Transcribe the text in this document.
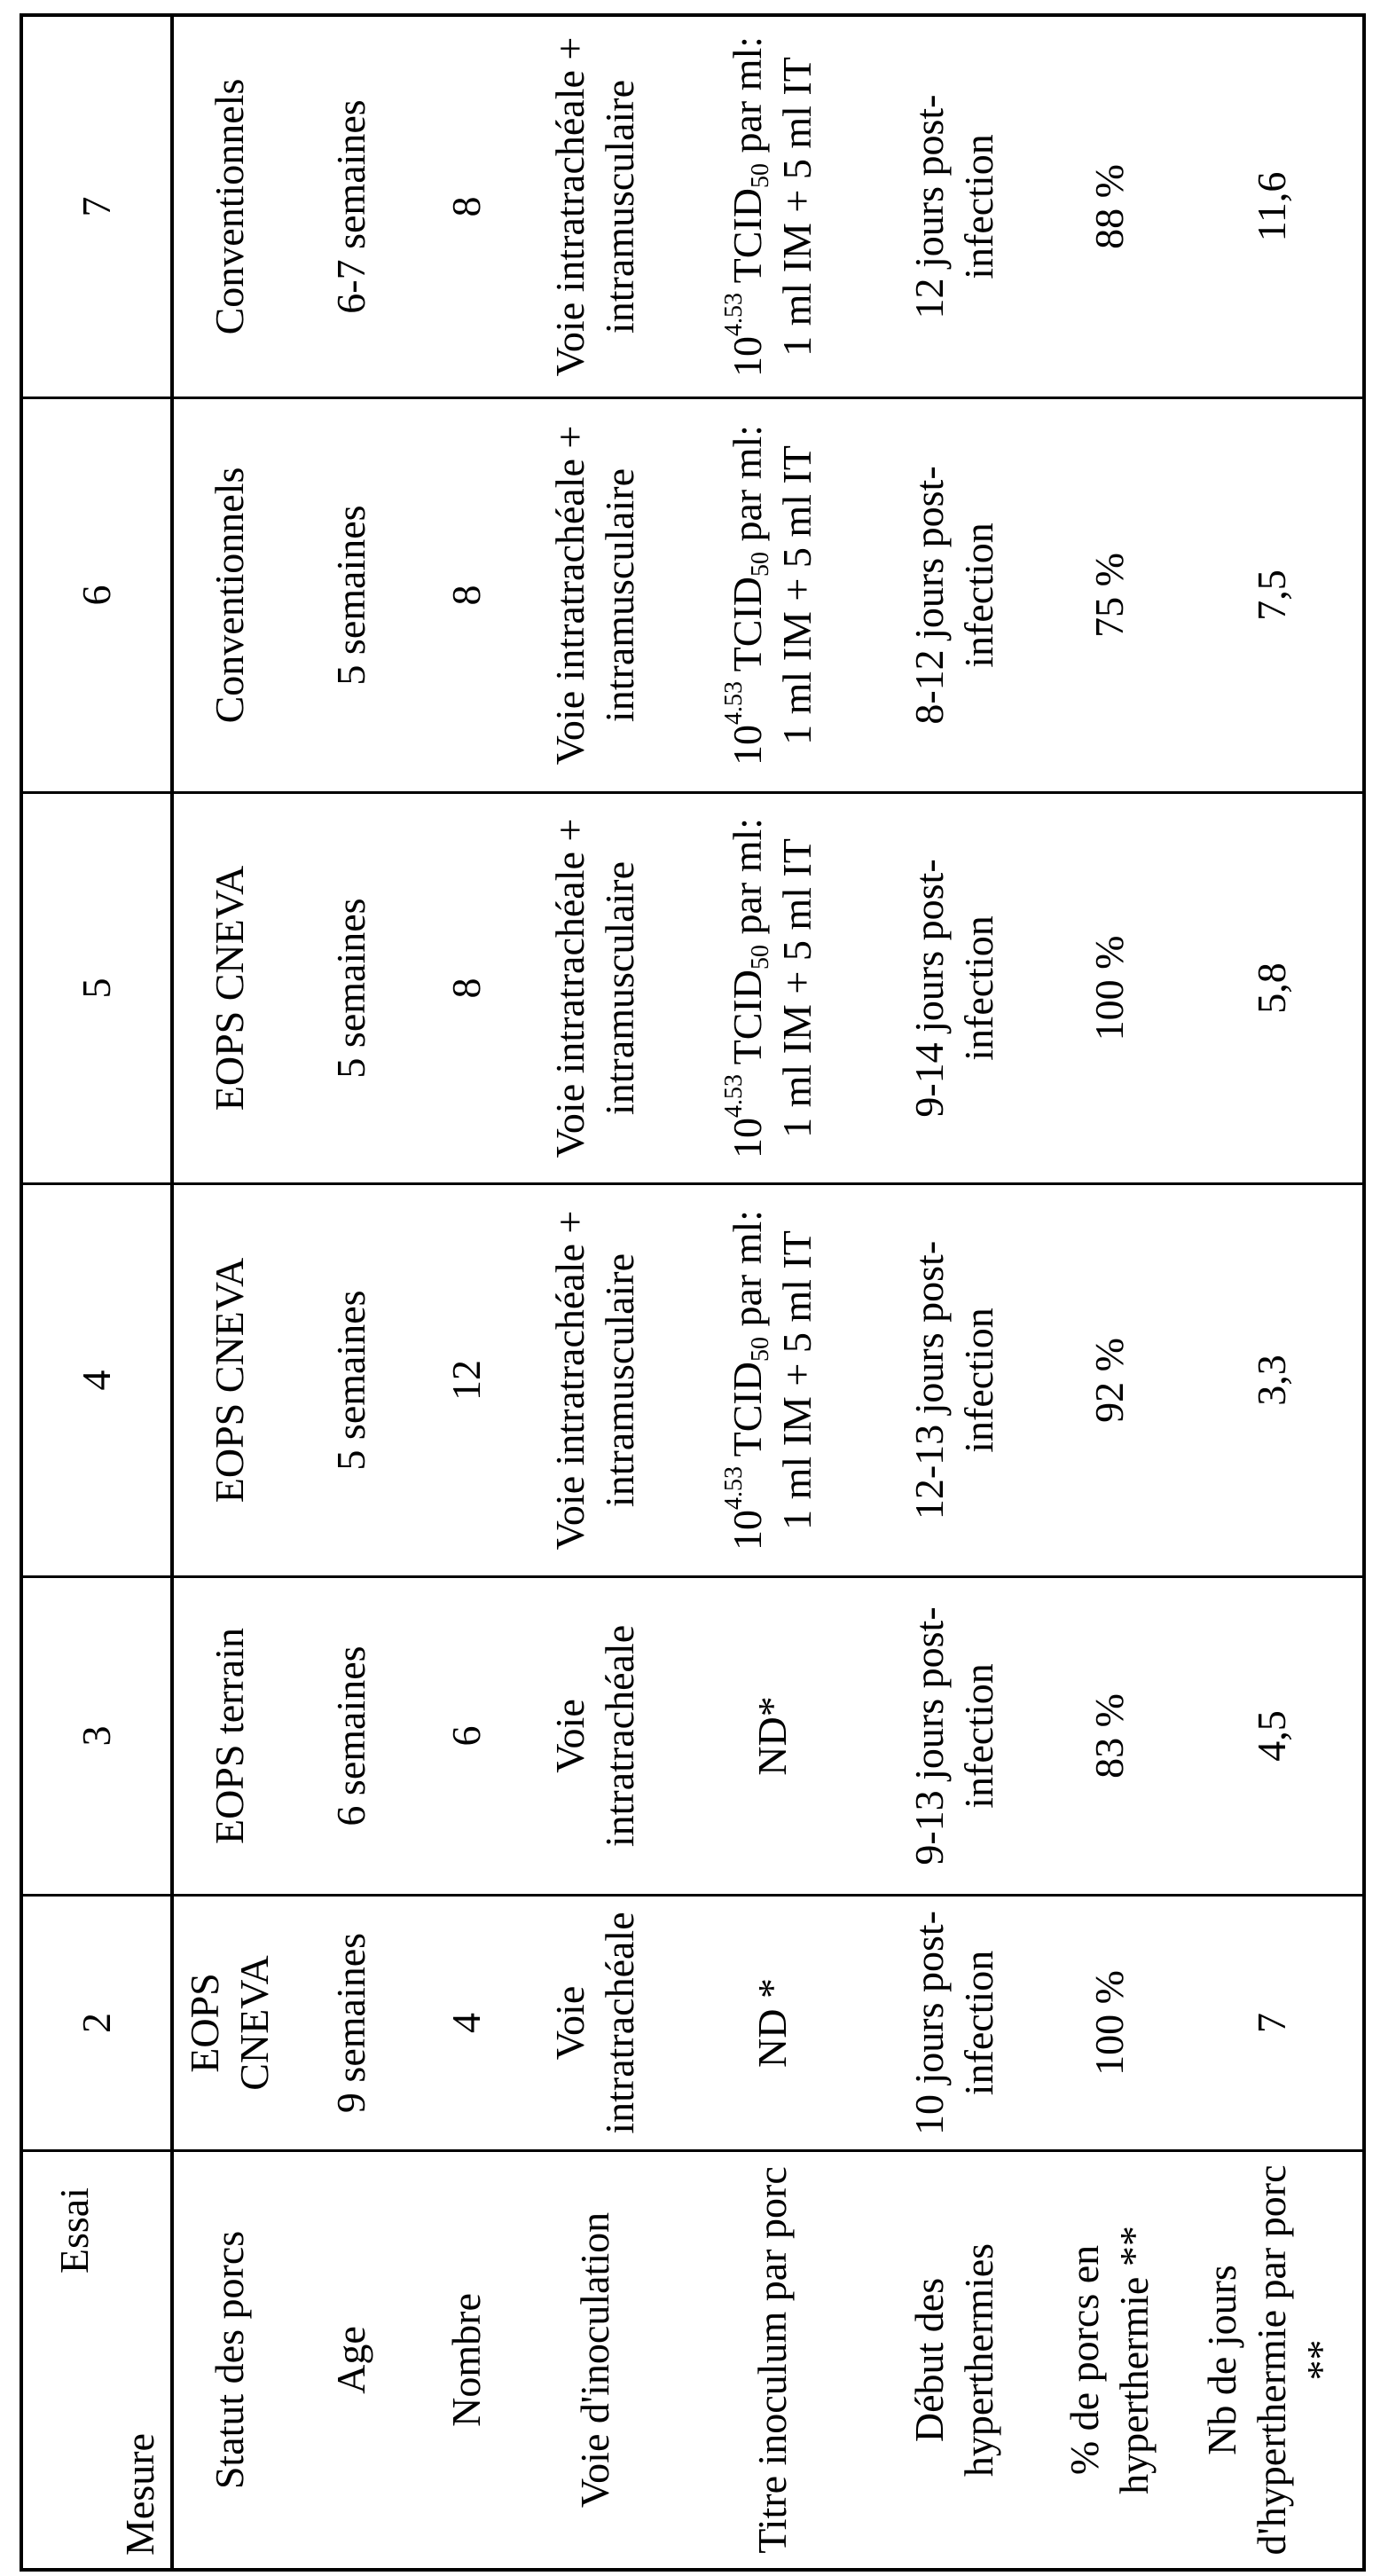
Essai
Mesure
Statut des porcs Age Nombre Voie d'inoculation	Titre inoculum par porc	Début des hyperthermies % de porcs en hyperthermie ** Nb de jours d'hyperthermie par porc **
2 EOPS CNEVA 9 semaines 4 Voie intratrachéale	ND *	10 jours post-infection 100 %	7
3 EOPS terrain 6 semaines 6 Voie intratrachéale	ND*	9-13 jours post-infection 83 %	4,5
4 EOPS CNEVA 5 semaines 12 Voie intratrachéale + intramusculaire
104.53 TCID50 par ml: 1 ml IM + 5 ml IT 12-13 jours post-infection 92 %	3,3
5 EOPS CNEVA 5 semaines 8 Voie intratrachéale + intramusculaire
104.53 TCID50 par ml: 1 ml IM + 5 ml IT 9-14 jours post-infection 100 %	5,8
6 Conventionnels 5 semaines 8 Voie intratrachéale + intramusculaire
104.53 TCID50 par ml: 1 ml IM + 5 ml IT 8-12 jours post-infection 75 %	7,5
7 Conventionnels 6-7 semaines 8 Voie intratrachéale + intramusculaire
104.53 TCID50 par ml: 1 ml IM + 5 ml IT 12 jours post-infection 88 %	11,6
